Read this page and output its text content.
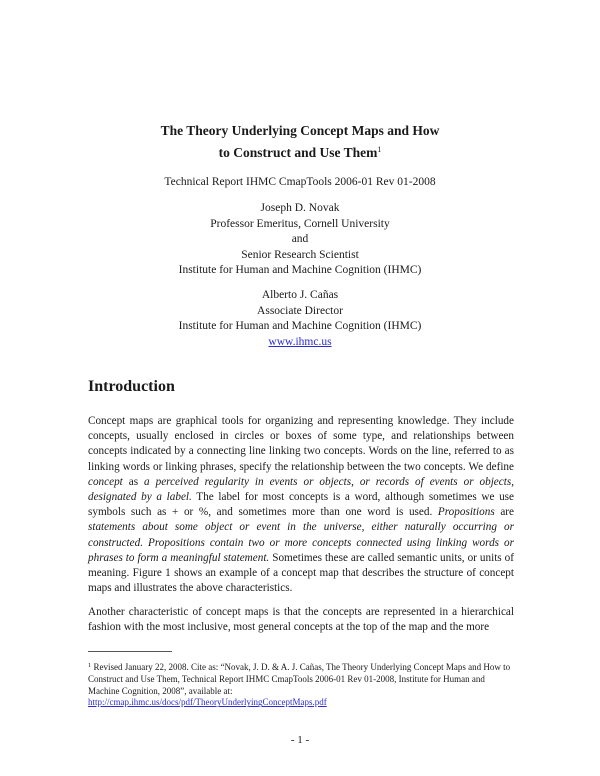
The Theory Underlying Concept Maps and How
to Construct and Use Them$^1$
Technical Report IHMC CmapTools 2006-01 Rev 01-2008
Joseph D. Novak
Professor Emeritus, Cornell University
and
Senior Research Scientist
Institute for Human and Machine Cognition (IHMC)
Alberto J. Cañas
Associate Director
Institute for Human and Machine Cognition (IHMC)
www.ihmc.us
Introduction

Concept maps are graphical tools for organizing and representing knowledge. They include concepts, usually enclosed in circles or boxes of some type, and relationships between concepts indicated by a connecting line linking two concepts. Words on the line, referred to as linking words or linking phrases, specify the relationship between the two concepts. We define concept as a perceived regularity in events or objects, or records of events or objects, designated by a label. The label for most concepts is a word, although sometimes we use symbols such as + or %, and sometimes more than one word is used. Propositions are statements about some object or event in the universe, either naturally occurring or constructed. Propositions contain two or more concepts connected using linking words or phrases to form a meaningful statement. Sometimes these are called semantic units, or units of meaning. Figure 1 shows an example of a concept map that describes the structure of concept maps and illustrates the above characteristics.

Another characteristic of concept maps is that the concepts are represented in a hierarchical fashion with the most inclusive, most general concepts at the top of the map and the more

$^1$ Revised January 22, 2008. Cite as: “Novak, J. D. & A. J. Cañas, The Theory Underlying Concept Maps and How to Construct and Use Them, Technical Report IHMC CmapTools 2006-01 Rev 01-2008, Institute for Human and Machine Cognition, 2008”, available at:
http://cmap.ihmc.us/docs/pdf/TheoryUnderlyingConceptMaps.pdf

- 1 -
